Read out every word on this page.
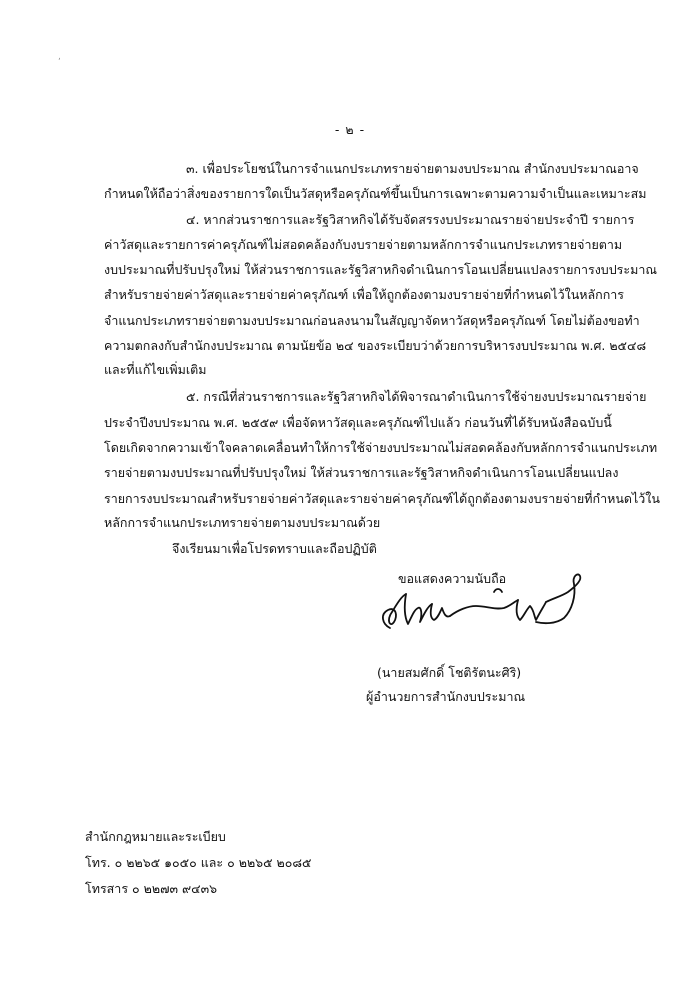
,
- ๒ -
๓. เพื่อประโยชน์ในการจำแนกประเภทรายจ่ายตามงบประมาณ สำนักงบประมาณอาจ
กำหนดให้ถือว่าสิ่งของรายการใดเป็นวัสดุหรือครุภัณฑ์ขึ้นเป็นการเฉพาะตามความจำเป็นและเหมาะสม
๔. หากส่วนราชการและรัฐวิสาหกิจได้รับจัดสรรงบประมาณรายจ่ายประจำปี รายการ
ค่าวัสดุและรายการค่าครุภัณฑ์ไม่สอดคล้องกับงบรายจ่ายตามหลักการจำแนกประเภทรายจ่ายตาม
งบประมาณที่ปรับปรุงใหม่ ให้ส่วนราชการและรัฐวิสาหกิจดำเนินการโอนเปลี่ยนแปลงรายการงบประมาณ
สำหรับรายจ่ายค่าวัสดุและรายจ่ายค่าครุภัณฑ์ เพื่อให้ถูกต้องตามงบรายจ่ายที่กำหนดไว้ในหลักการ
จำแนกประเภทรายจ่ายตามงบประมาณก่อนลงนามในสัญญาจัดหาวัสดุหรือครุภัณฑ์ โดยไม่ต้องขอทำ
ความตกลงกับสำนักงบประมาณ ตามนัยข้อ ๒๔ ของระเบียบว่าด้วยการบริหารงบประมาณ พ.ศ. ๒๕๔๘
และที่แก้ไขเพิ่มเติม
๕. กรณีที่ส่วนราชการและรัฐวิสาหกิจได้พิจารณาดำเนินการใช้จ่ายงบประมาณรายจ่าย
ประจำปีงบประมาณ พ.ศ. ๒๕๕๙ เพื่อจัดหาวัสดุและครุภัณฑ์ไปแล้ว ก่อนวันที่ได้รับหนังสือฉบับนี้
โดยเกิดจากความเข้าใจคลาดเคลื่อนทำให้การใช้จ่ายงบประมาณไม่สอดคล้องกับหลักการจำแนกประเภท
รายจ่ายตามงบประมาณที่ปรับปรุงใหม่ ให้ส่วนราชการและรัฐวิสาหกิจดำเนินการโอนเปลี่ยนแปลง
รายการงบประมาณสำหรับรายจ่ายค่าวัสดุและรายจ่ายค่าครุภัณฑ์ได้ถูกต้องตามงบรายจ่ายที่กำหนดไว้ใน
หลักการจำแนกประเภทรายจ่ายตามงบประมาณด้วย
จึงเรียนมาเพื่อโปรดทราบและถือปฏิบัติ
ขอแสดงความนับถือ
(นายสมศักดิ์ โชติรัตนะศิริ)
ผู้อำนวยการสำนักงบประมาณ
สำนักกฎหมายและระเบียบ
โทร. ๐ ๒๒๖๕ ๑๐๕๐ และ ๐ ๒๒๖๕ ๒๐๘๕
โทรสาร ๐ ๒๒๗๓ ๙๔๓๖
